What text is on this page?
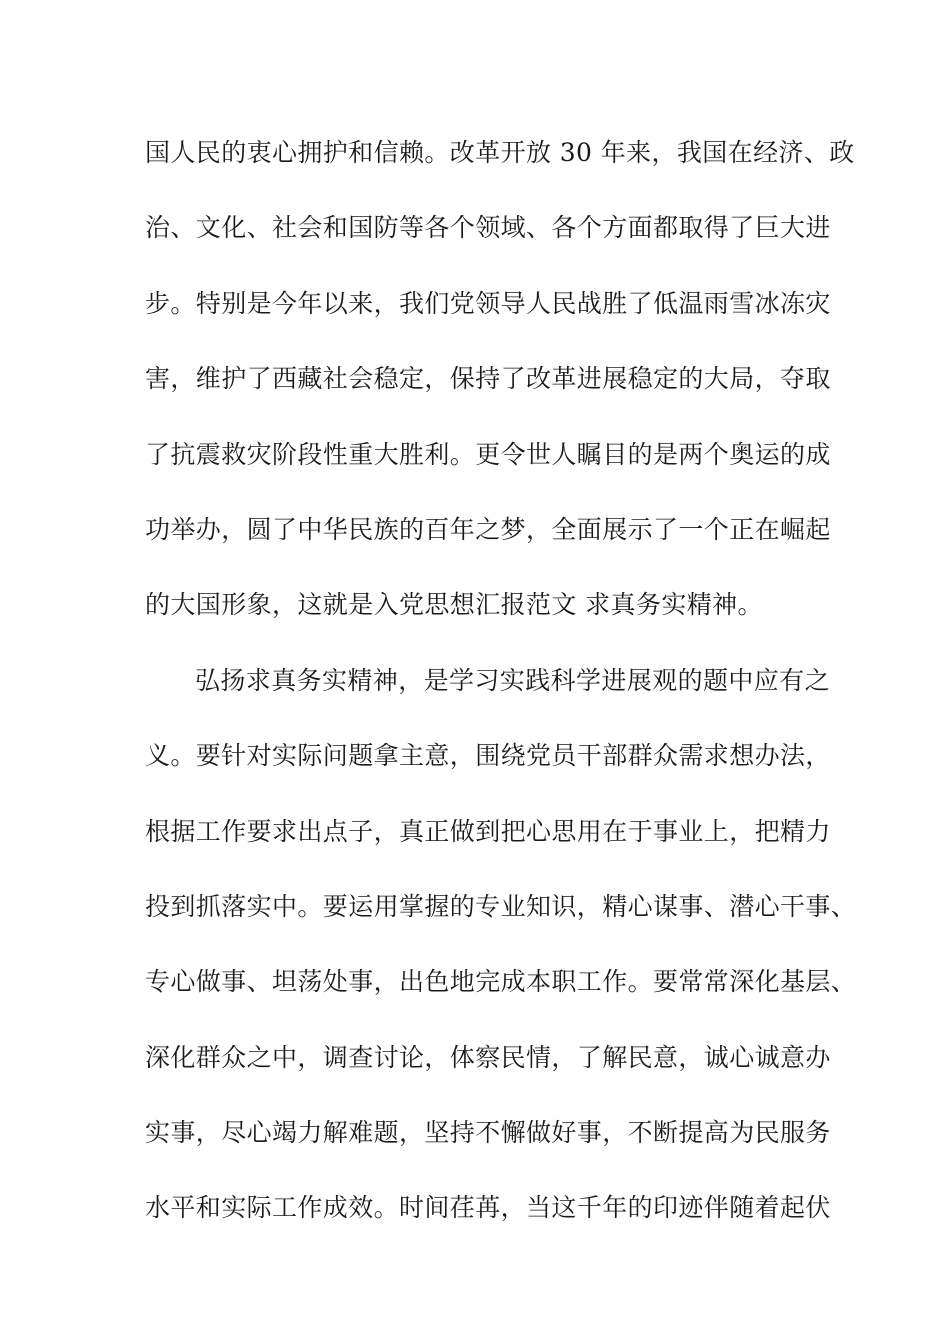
国人民的衷心拥护和信赖。改革开放 30 年来，我国在经济、政
治、文化、社会和国防等各个领域、各个方面都取得了巨大进
步。特别是今年以来，我们党领导人民战胜了低温雨雪冰冻灾
害，维护了西藏社会稳定，保持了改革进展稳定的大局，夺取
了抗震救灾阶段性重大胜利。更令世人瞩目的是两个奥运的成
功举办，圆了中华民族的百年之梦，全面展示了一个正在崛起
的大国形象，这就是入党思想汇报范文 求真务实精神。
弘扬求真务实精神，是学习实践科学进展观的题中应有之
义。要针对实际问题拿主意，围绕党员干部群众需求想办法，
根据工作要求出点子，真正做到把心思用在于事业上，把精力
投到抓落实中。要运用掌握的专业知识，精心谋事、潜心干事、
专心做事、坦荡处事，出色地完成本职工作。要常常深化基层、
深化群众之中，调查讨论，体察民情，了解民意，诚心诚意办
实事，尽心竭力解难题，坚持不懈做好事，不断提高为民服务
水平和实际工作成效。时间荏苒，当这千年的印迹伴随着起伏
